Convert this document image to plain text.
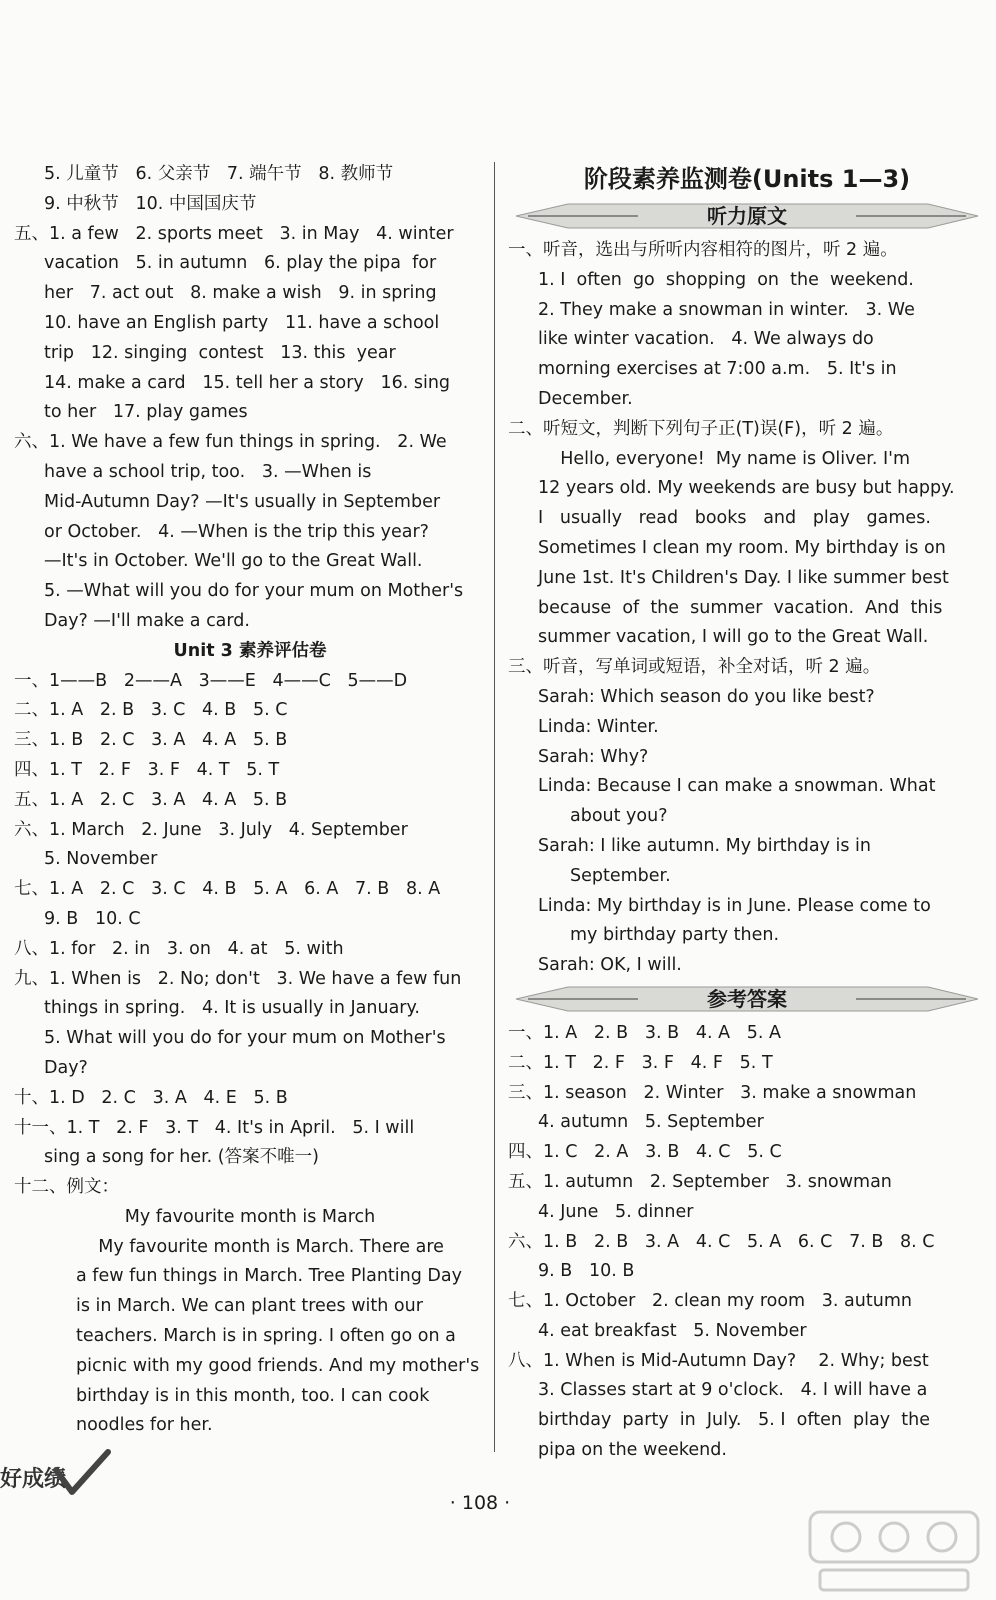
5. 儿童节   6. 父亲节   7. 端午节   8. 教师节
9. 中秋节   10. 中国国庆节
五、1. a few   2. sports meet   3. in May   4. winter
vacation   5. in autumn   6. play the pipa  for
her   7. act out   8. make a wish   9. in spring
10. have an English party   11. have a school
trip   12. singing  contest   13. this  year
14. make a card   15. tell her a story   16. sing
to her   17. play games
六、1. We have a few fun things in spring.   2. We
have a school trip, too.   3. —When is
Mid-Autumn Day? —It's usually in September
or October.   4. —When is the trip this year?
—It's in October. We'll go to the Great Wall.
5. —What will you do for your mum on Mother's
Day? —I'll make a card.
Unit 3 素养评估卷
一、1——B   2——A   3——E   4——C   5——D
二、1. A   2. B   3. C   4. B   5. C
三、1. B   2. C   3. A   4. A   5. B
四、1. T   2. F   3. F   4. T   5. T
五、1. A   2. C   3. A   4. A   5. B
六、1. March   2. June   3. July   4. September
5. November
七、1. A   2. C   3. C   4. B   5. A   6. A   7. B   8. A
9. B   10. C
八、1. for   2. in   3. on   4. at   5. with
九、1. When is   2. No; don't   3. We have a few fun
things in spring.   4. It is usually in January.
5. What will you do for your mum on Mother's
Day?
十、1. D   2. C   3. A   4. E   5. B
十一、1. T   2. F   3. T   4. It's in April.   5. I will
sing a song for her. (答案不唯一)
十二、例文：
My favourite month is March
My favourite month is March. There are
a few fun things in March. Tree Planting Day
is in March. We can plant trees with our
teachers. March is in spring. I often go on a
picnic with my good friends. And my mother's
birthday is in this month, too. I can cook
noodles for her.
阶段素养监测卷(Units 1—3)
听力原文
一、听音，选出与所听内容相符的图片，听 2 遍。
1. I  often  go  shopping  on  the  weekend.
2. They make a snowman in winter.   3. We
like winter vacation.   4. We always do
morning exercises at 7:00 a.m.   5. It's in
December.
二、听短文，判断下列句子正(T)误(F)，听 2 遍。
Hello, everyone!  My name is Oliver. I'm
12 years old. My weekends are busy but happy.
I   usually   read   books   and   play   games.
Sometimes I clean my room. My birthday is on
June 1st. It's Children's Day. I like summer best
because  of  the  summer  vacation.  And  this
summer vacation, I will go to the Great Wall.
三、听音，写单词或短语，补全对话，听 2 遍。
Sarah: Which season do you like best?
Linda: Winter.
Sarah: Why?
Linda: Because I can make a snowman. What
about you?
Sarah: I like autumn. My birthday is in
September.
Linda: My birthday is in June. Please come to
my birthday party then.
Sarah: OK, I will.
参考答案
一、1. A   2. B   3. B   4. A   5. A
二、1. T   2. F   3. F   4. F   5. T
三、1. season   2. Winter   3. make a snowman
4. autumn   5. September
四、1. C   2. A   3. B   4. C   5. C
五、1. autumn   2. September   3. snowman
4. June   5. dinner
六、1. B   2. B   3. A   4. C   5. A   6. C   7. B   8. C
9. B   10. B
七、1. October   2. clean my room   3. autumn
4. eat breakfast   5. November
八、1. When is Mid-Autumn Day?    2. Why; best
3. Classes start at 9 o'clock.   4. I will have a
birthday  party  in  July.   5. I  often  play  the
pipa on the weekend.
好成绩
· 108 ·
